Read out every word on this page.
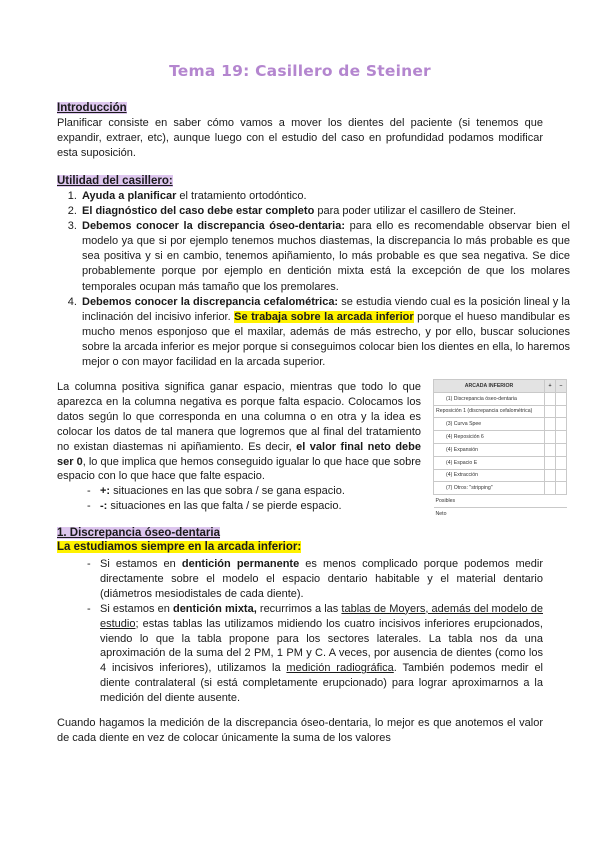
Tema 19: Casillero de Steiner
Introducción

Planificar consiste en saber cómo vamos a mover los dientes del paciente (si tenemos que expandir, extraer, etc), aunque luego con el estudio del caso en profundidad podamos modificar esta suposición.

Utilidad del casillero:
1. Ayuda a planificar el tratamiento ortodóntico.
2. El diagnóstico del caso debe estar completo para poder utilizar el casillero de Steiner.
3. Debemos conocer la discrepancia óseo-dentaria: para ello es recomendable observar bien el modelo ya que si por ejemplo tenemos muchos diastemas, la discrepancia lo más probable es que sea positiva y si en cambio, tenemos apiñamiento, lo más probable es que sea negativa. Se dice probablemente porque por ejemplo en dentición mixta está la excepción de que los molares temporales ocupan más tamaño que los premolares.
4. Debemos conocer la discrepancia cefalométrica: se estudia viendo cual es la posición lineal y la inclinación del incisivo inferior. Se trabaja sobre la arcada inferior porque el hueso mandibular es mucho menos esponjoso que el maxilar, además de más estrecho, y por ello, buscar soluciones sobre la arcada inferior es mejor porque si conseguimos colocar bien los dientes en ella, lo haremos mejor o con mayor facilidad en la arcada superior.

La columna positiva significa ganar espacio, mientras que todo lo que aparezca en la columna negativa es porque falta espacio. Colocamos los datos según lo que corresponda en una columna o en otra y la idea es colocar los datos de tal manera que logremos que al final del tratamiento no existan diastemas ni apiñamiento. Es decir, el valor final neto debe ser 0, lo que implica que hemos conseguido igualar lo que hace que sobre espacio con lo que hace que falte espacio.

- +: situaciones en las que sobra / se gana espacio.
- -: situaciones en las que falta / se pierde espacio.
ARCADA INFERIOR	+	–
(1) Discrepancia óseo-dentaria		
Reposición 1 (discrepancia cefalométrica)		
(3) Curva Spee		
(4) Reposición 6		
(4) Expansión		
(4) Espacio E		
(4) Extracción		
(7) Otros: "stripping"		
Posibles		
Neto		
1. Discrepancia óseo-dentaria
La estudiamos siempre en la arcada inferior:
- Si estamos en dentición permanente es menos complicado porque podemos medir directamente sobre el modelo el espacio dentario habitable y el material dentario (diámetros mesiodistales de cada diente).
- Si estamos en dentición mixta, recurrimos a las tablas de Moyers, además del modelo de estudio; estas tablas las utilizamos midiendo los cuatro incisivos inferiores erupcionados, viendo lo que la tabla propone para los sectores laterales. La tabla nos da una aproximación de la suma del 2 PM, 1 PM y C. A veces, por ausencia de dientes (como los 4 incisivos inferiores), utilizamos la medición radiográfica. También podemos medir el diente contralateral (si está completamente erupcionado) para lograr aproximarnos a la medición del diente ausente.

Cuando hagamos la medición de la discrepancia óseo-dentaria, lo mejor es que anotemos el valor de cada diente en vez de colocar únicamente la suma de los valores
